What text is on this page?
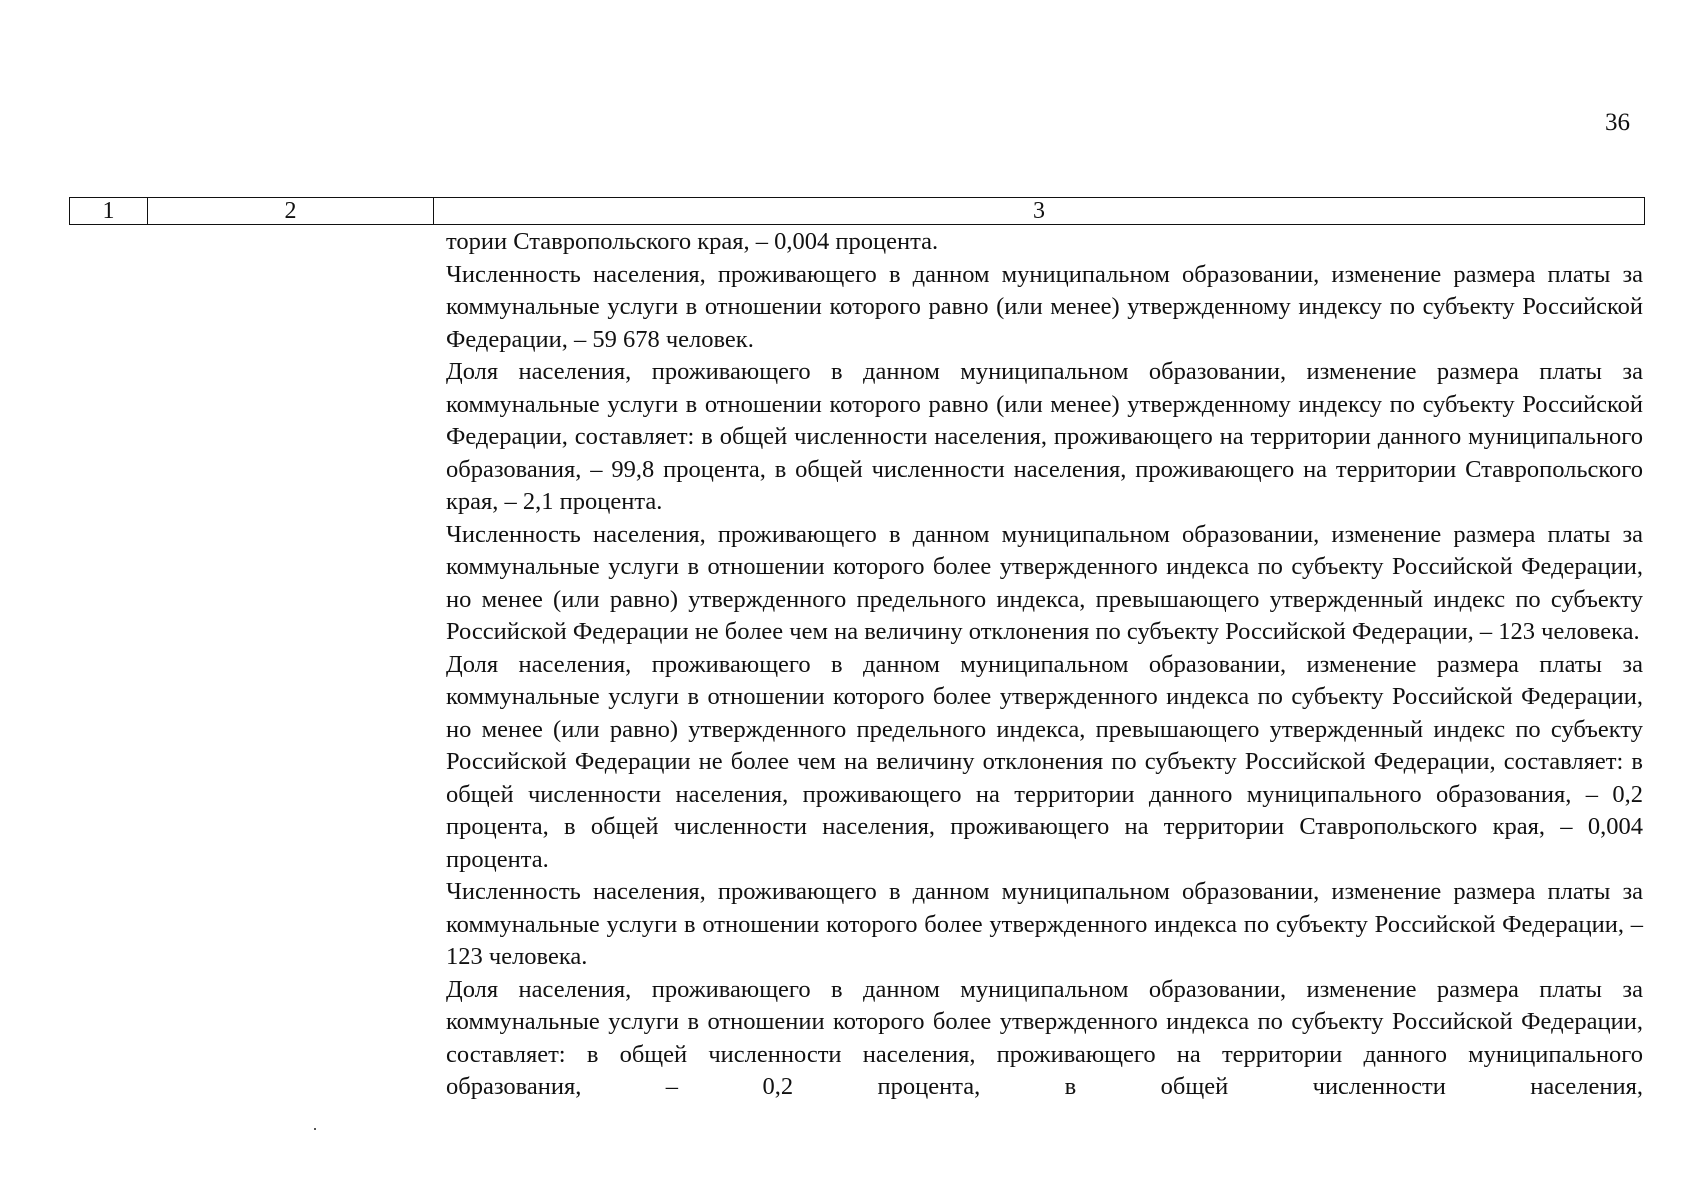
36
1	2	3

тории Ставропольского края, – 0,004 процента.

Численность населения, проживающего в данном муниципальном образовании, изменение размера платы за коммунальные услуги в отношении которого равно (или менее) утвержденному индексу по субъекту Российской Федерации, – 59 678 человек.

Доля населения, проживающего в данном муниципальном образовании, изменение размера платы за коммунальные услуги в отношении которого равно (или менее) утвержденному индексу по субъекту Российской Федерации, составляет: в общей численности населения, проживающего на территории данного муниципального образования, – 99,8 процента, в общей численности населения, проживающего на территории Ставропольского края, – 2,1 процента.

Численность населения, проживающего в данном муниципальном образовании, изменение размера платы за коммунальные услуги в отношении которого более утвержденного индекса по субъекту Российской Федерации, но менее (или равно) утвержденного предельного индекса, превышающего утвержденный индекс по субъекту Российской Федерации не более чем на величину отклонения по субъекту Российской Федерации, – 123 человека.

Доля населения, проживающего в данном муниципальном образовании, изменение размера платы за коммунальные услуги в отношении которого более утвержденного индекса по субъекту Российской Федерации, но менее (или равно) утвержденного предельного индекса, превышающего утвержденный индекс по субъекту Российской Федерации не более чем на величину отклонения по субъекту Российской Федерации, составляет: в общей численности населения, проживающего на территории данного муниципального образования, – 0,2 процента, в общей численности населения, проживающего на территории Ставропольского края, – 0,004 процента.

Численность населения, проживающего в данном муниципальном образовании, изменение размера платы за коммунальные услуги в отношении которого более утвержденного индекса по субъекту Российской Федерации, – 123 человека.

Доля населения, проживающего в данном муниципальном образовании, изменение размера платы за коммунальные услуги в отношении которого более утвержденного индекса по субъекту Российской Федерации, составляет: в общей численности населения, проживающего на территории данного муниципального образования, – 0,2 процента, в общей численности населения,
